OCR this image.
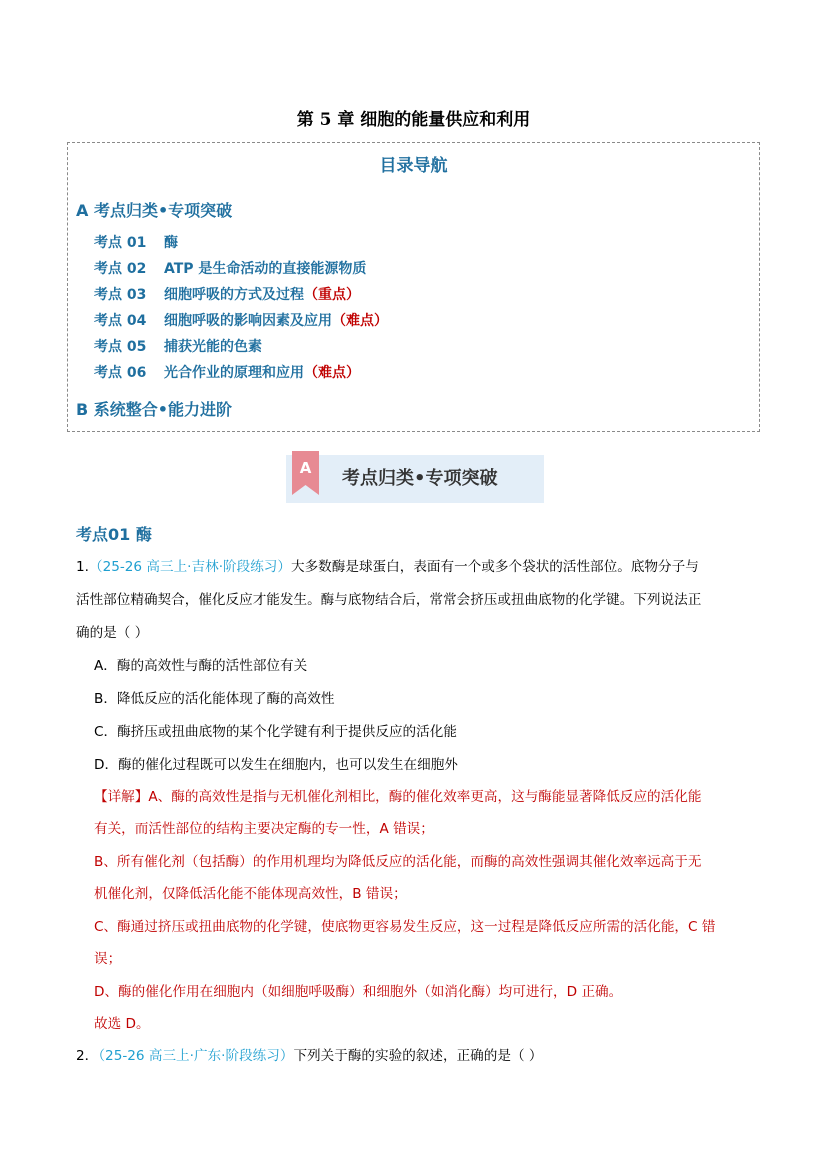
第 5 章 细胞的能量供应和利用
目录导航
A 考点归类•专项突破
考点 01 酶
考点 02 ATP 是生命活动的直接能源物质
考点 03 细胞呼吸的方式及过程（重点）
考点 04 细胞呼吸的影响因素及应用（难点）
考点 05 捕获光能的色素
考点 06 光合作业的原理和应用（难点）
B 系统整合•能力进阶
A 考点归类•专项突破
考点01 酶
1.（25-26 高三上·吉林·阶段练习）大多数酶是球蛋白，表面有一个或多个袋状的活性部位。底物分子与
活性部位精确契合，催化反应才能发生。酶与底物结合后，常常会挤压或扭曲底物的化学键。下列说法正
确的是（ ）
A．酶的高效性与酶的活性部位有关
B．降低反应的活化能体现了酶的高效性
C．酶挤压或扭曲底物的某个化学键有利于提供反应的活化能
D．酶的催化过程既可以发生在细胞内，也可以发生在细胞外
【详解】A、酶的高效性是指与无机催化剂相比，酶的催化效率更高，这与酶能显著降低反应的活化能
有关，而活性部位的结构主要决定酶的专一性，A 错误；
B、所有催化剂（包括酶）的作用机理均为降低反应的活化能，而酶的高效性强调其催化效率远高于无
机催化剂，仅降低活化能不能体现高效性，B 错误；
C、酶通过挤压或扭曲底物的化学键，使底物更容易发生反应，这一过程是降低反应所需的活化能，C 错
误；
D、酶的催化作用在细胞内（如细胞呼吸酶）和细胞外（如消化酶）均可进行，D 正确。
故选 D。
2．（25-26 高三上·广东·阶段练习）下列关于酶的实验的叙述，正确的是（ ）
